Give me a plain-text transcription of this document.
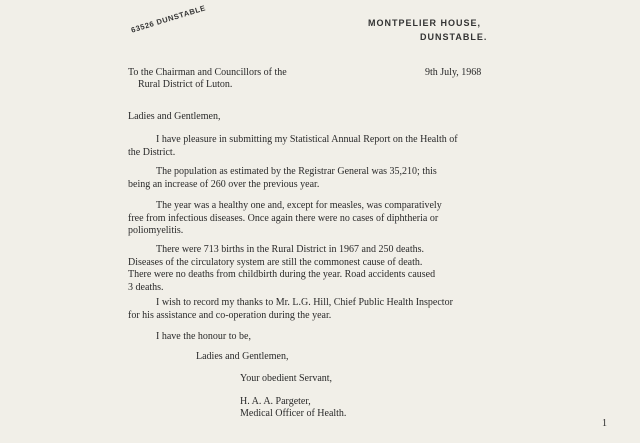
63526 DUNSTABLE	MONTPELIER HOUSE,
DUNSTABLE.
To the Chairman and Councillors of the
Rural District of Luton.
9th July, 1968
Ladies and Gentlemen,
I have pleasure in submitting my Statistical Annual Report on the Health of
the District.
The population as estimated by the Registrar General was 35,210; this
being an increase of 260 over the previous year.
The year was a healthy one and, except for measles, was comparatively
free from infectious diseases. Once again there were no cases of diphtheria or
poliomyelitis.
There were 713 births in the Rural District in 1967 and 250 deaths.
Diseases of the circulatory system are still the commonest cause of death.
There were no deaths from childbirth during the year. Road accidents caused
3 deaths.
I wish to record my thanks to Mr. L.G. Hill, Chief Public Health Inspector
for his assistance and co-operation during the year.
I have the honour to be,
Ladies and Gentlemen,
Your obedient Servant,
H. A. A. Pargeter,
Medical Officer of Health.
1
